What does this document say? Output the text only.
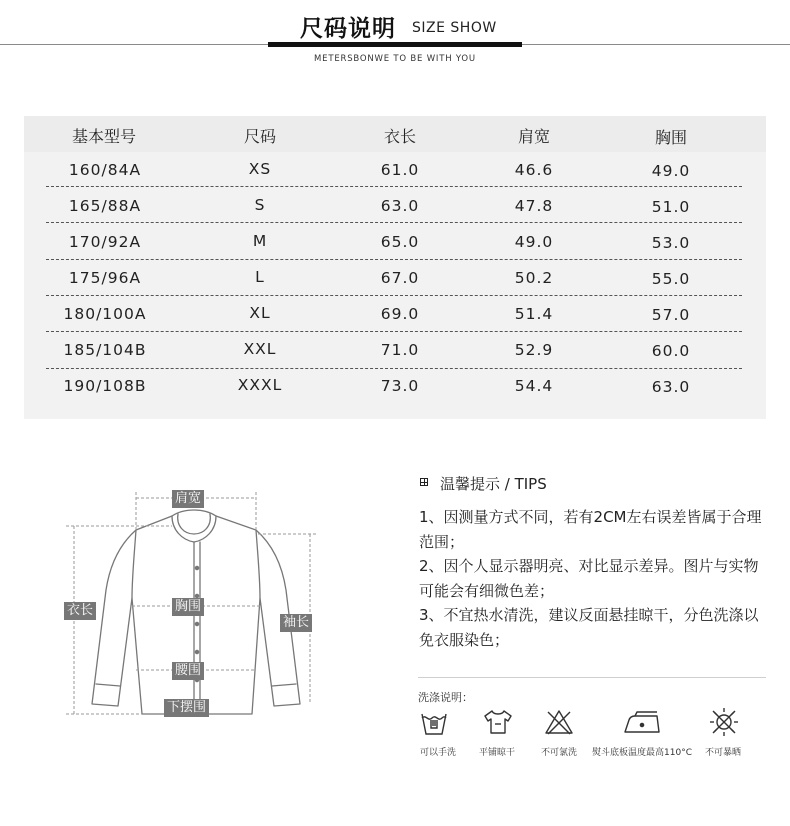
尺码说明 SIZE SHOW
METERSBONWE TO BE WITH YOU
基本型号	尺码	衣长	肩宽	胸围
160/84A	XS	61.0	46.6	49.0
165/88A	S	63.0	47.8	51.0
170/92A	M	65.0	49.0	53.0
175/96A	L	67.0	50.2	55.0
180/100A	XL	69.0	51.4	57.0
185/104B	XXL	71.0	52.9	60.0
190/108B	XXXL	73.0	54.4	63.0
肩宽
胸围
衣长
袖长
腰围
下摆围
温馨提示 / TIPS

1、因测量方式不同，若有2CM左右误差皆属于合理范围；

2、因个人显示器明亮、对比显示差异。图片与实物可能会有细微色差；

3、不宜热水清洗，建议反面悬挂晾干，分色洗涤以免衣服染色；

洗涤说明：
可以手洗	平铺晾干	不可氯洗 熨斗底板温度最高110°C 不可暴晒
